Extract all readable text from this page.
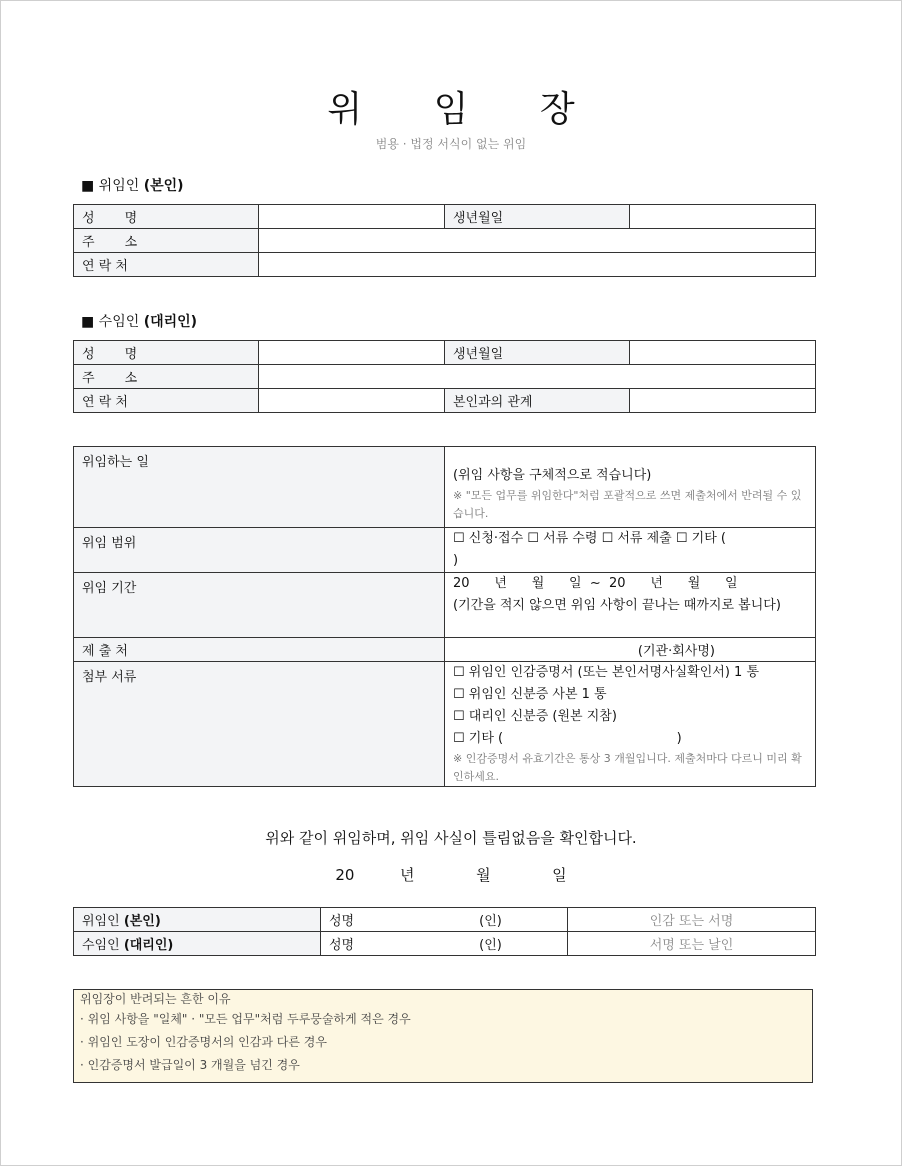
위 임 장
범용 · 법정 서식이 없는 위임
■ 위임인 (본인)
성 명		생년월일	
주 소			
연 락 처			
■ 수임인 (대리인)
성 명		생년월일	
주 소			
연 락 처		본인과의 관계	
위임하는 일	(위임 사항을 구체적으로 적습니다)
※ "모든 업무를 위임한다"처럼 포괄적으로 쓰면 제출처에서 반려될 수 있습니다.

위임 범위	☐ 신청·접수 ☐ 서류 수령 ☐ 서류 제출 ☐ 기타 (
)

위임 기간	20      년      월      일  ~  20      년      월      일
(기간을 적지 않으면 위임 사항이 끝나는 때까지로 봅니다)

제 출 처	(기관·회사명)
첨부 서류	☐ 위임인 인감증명서 (또는 본인서명사실확인서) 1 통
☐ 위임인 신분증 사본 1 통
☐ 대리인 신분증 (원본 지참)
☐ 기타 (                                          )
※ 인감증명서 유효기간은 통상 3 개월입니다. 제출처마다 다르니 미리 확인하세요.
위와 같이 위임하며, 위임 사실이 틀림없음을 확인합니다.
20	년	월	일
위임인 (본인)	성명 (인)	인감 또는 서명
수임인 (대리인)	성명 (인)	서명 또는 날인
위임장이 반려되는 흔한 이유
· 위임 사항을 "일체" · "모든 업무"처럼 두루뭉술하게 적은 경우
· 위임인 도장이 인감증명서의 인감과 다른 경우
· 인감증명서 발급일이 3 개월을 넘긴 경우
